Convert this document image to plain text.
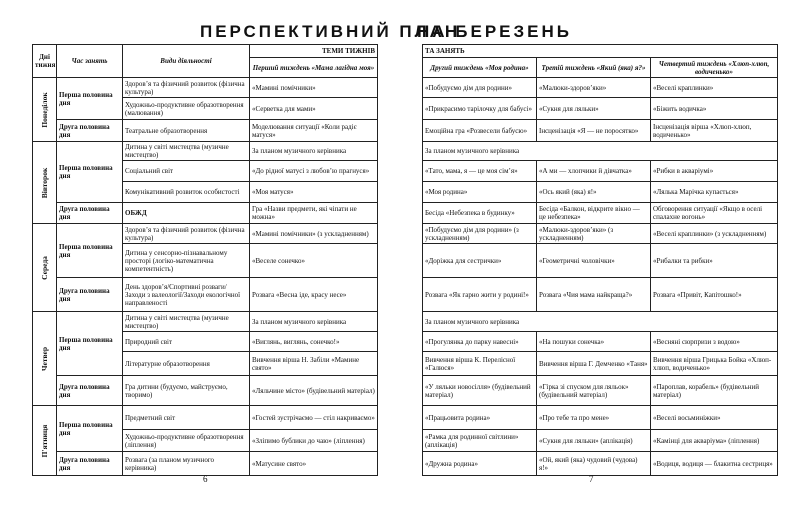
ПЕРСПЕКТИВНИЙ ПЛАН
НА БЕРЕЗЕНЬ
Дні тижня	Час занять	Види діяльності	ТЕМИ ТИЖНІВ
			Перший тиждень «Мама лагідна моя»

Понеділок	Перша половина дня	Здоров’я та фізичний розвиток (фізична культура)	«Мамині помічники»
		Художньо-продуктивне образотворення (малювання)	«Серветка для мами»
	Друга половина дня	Театральне образотворення	Моделювання ситуації «Коли радіє матуся»

Вівторок	Перша половина дня	Дитина у світі мистецтва (музичне мистецтво)	За планом музичного керівника
		Соціальний світ	«До рідної матусі з любов’ю прагнуся»
		Комунікативний розвиток особистості	«Моя матуся»
	Друга половина дня	ОБЖД	Гра «Назви предмети, які чіпати не можна»

Середа	Перша половина дня	Здоров’я та фізичний розвиток (фізична культура)	«Мамині помічники» (з ускладненням)
		Дитина у сенсорно-пізнавальному просторі (логіко-математична компетентність)	«Веселе сонечко»
	Друга половина дня	День здоров’я/Спортивні розваги/Заходи з валеології/Заходи екологічної направленості	Розвага «Весна іде, красу несе»

Четвер	Перша половина дня	Дитина у світі мистецтва (музичне мистецтво)	За планом музичного керівника
		Природний світ	«Виглянь, виглянь, сонечко!»
		Літературне образотворення	Вивчення вірша Н. Забіли «Мамине свято»
	Друга половина дня	Гра дитини (будуємо, майструємо, творимо)	«Ляльчине місто» (будівельний матеріал)

П'ятниця	Перша половина дня	Предметний світ	«Гостей зустрічаємо — стіл накриваємо»
		Художньо-продуктивне образотворення (ліплення)	«Зліпимо бублики до чаю» (ліплення)
	Друга половина дня	Розвага (за планом музичного керівника)	«Матусине свято»
ТА ЗАНЯТЬ		
Другий тиждень «Моя родина»	Третій тиждень «Який (яка) я?»	Четвертий тиждень «Хлюп-хлюп, водиченько»
«Побудуємо дім для родини»	«Малюки-здоров’яки»	«Веселі краплинки»
«Прикрасимо тарілочку для бабусі»	«Сукня для ляльки»	«Біжить водичка»
Емоційна гра «Розвесели бабусю»	Інсценізація «Я — не поросятко»	Інсценізація вірша «Хлюп-хлюп, водиченько»
За планом музичного керівника		
«Тато, мама, я — це моя сім’я»	«А ми — хлопчики й дівчатка»	«Рибки в акваріумі»
«Моя родина»	«Ось який (яка) я!»	«Лялька Марічка купається»
Бесіда «Небезпека в будинку»	Бесіда «Балкон, відкрите вікно — це небезпека»	Обговорення ситуації «Якщо в оселі спалахне вогонь»
«Побудуємо дім для родини» (з ускладненням)	«Малюки-здоров’яки» (з ускладненням)	«Веселі краплинки» (з ускладненням)
«Доріжка для сестрички»	«Геометричні чоловічки»	«Рибалки та рибки»
Розвага «Як гарно жити у родині!»	Розвага «Чия мама найкраща?»	Розвага «Привіт, Капітошко!»
За планом музичного керівника		
«Прогулянка до парку навесні»	«На пошуки сонечка»	«Весняні сюрпризи з водою»
Вивчення вірша К. Перелісної «Галюся»	Вивчення вірша Г. Демченко «Таня»	Вивчення вірша Грицька Бойка «Хлюп-хлюп, водиченько»
«У ляльки новосілля» (будівельний матеріал)	«Гірка зі спуском для ляльок» (будівельний матеріал)	«Пароплав, корабель» (будівельний матеріал)
«Працьовита родина»	«Про тебе та про мене»	«Веселі восьминіжки»
«Рамка для родинної світлини» (аплікація)	«Сукня для ляльки» (аплікація)	«Камінці для акваріума» (ліплення)
«Дружна родина»	«Ой, який (яка) чудовий (чудова) я!»	«Водиця, водиця — блакитна сестриця»
6	7
